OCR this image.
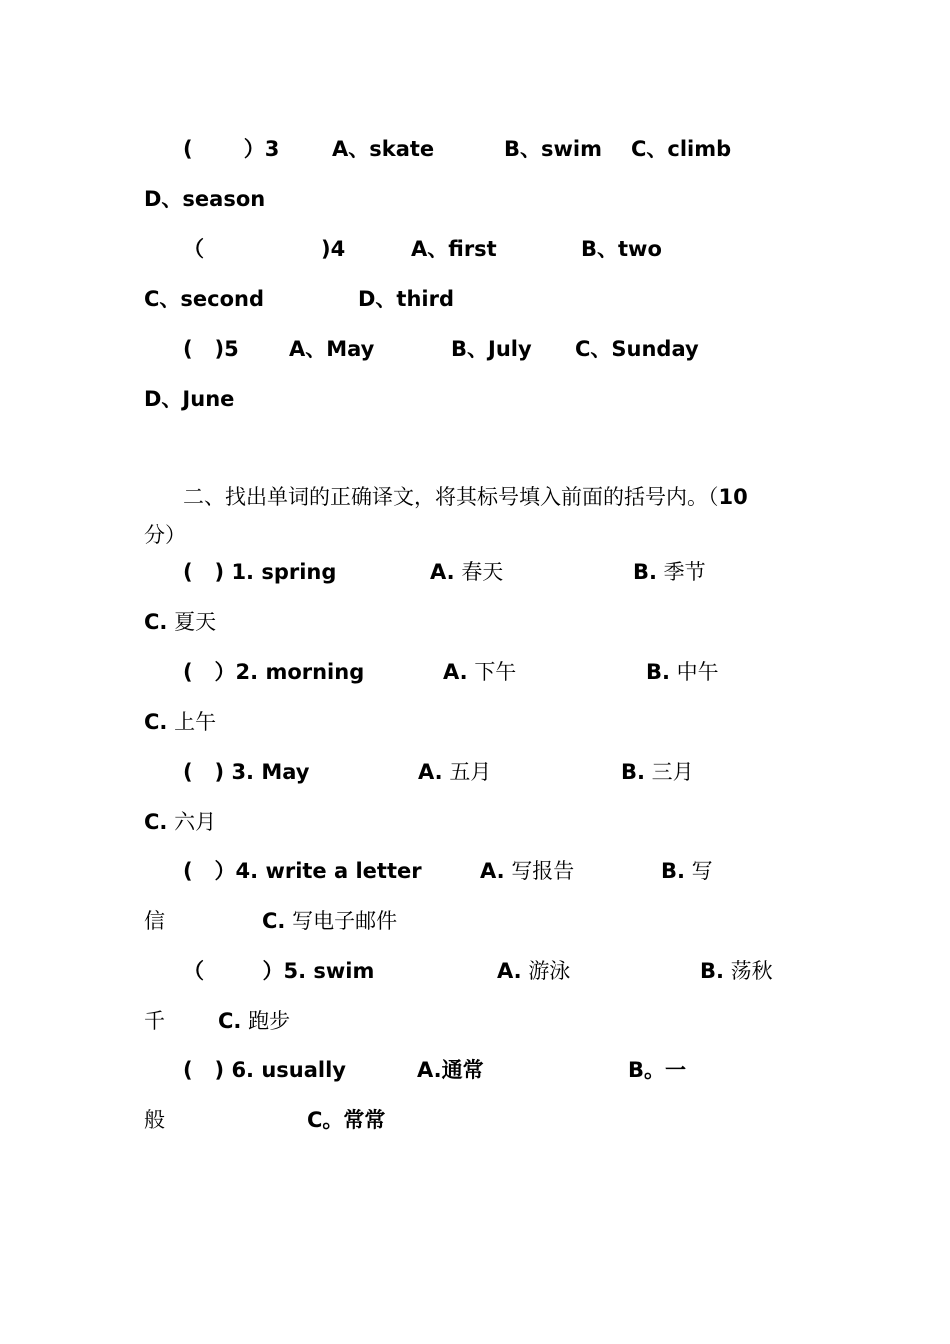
(       ）3	A、skate	B、swim C、climb
D、season
（                )4	A、first	B、two
C、second	D、third
(   )5 A、May	B、July C、Sunday
D、June
二、找出单词的正确译文，将其标号填入前面的括号内。（10
分）
(   ) 1. spring	A. 春天	B. 季节
C. 夏天
(   ）2. morning	A. 下午	B. 中午
C. 上午
(   ) 3. May	A. 五月	B. 三月
C. 六月
(   ）4. write a letter	A. 写报告	B. 写
信	C. 写电子邮件
（        ）5. swim	A. 游泳	B. 荡秋
千	C. 跑步
(   ) 6. usually	A.通常	B。一
般	C。常常
